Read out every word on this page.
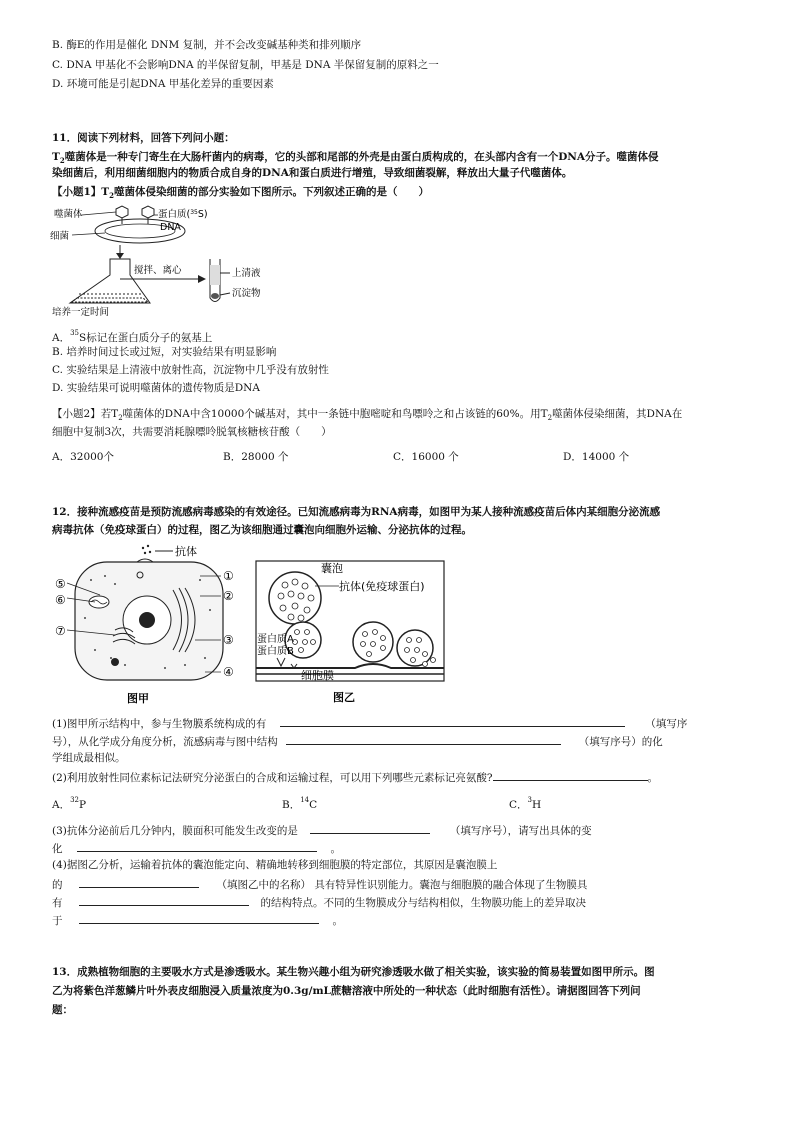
B. 酶E的作用是催化 DNM 复制，并不会改变碱基种类和排列顺序
C. DNA 甲基化不会影响DNA 的半保留复制，甲基是 DNA 半保留复制的原料之一
D. 环境可能是引起DNA 甲基化差异的重要因素
11．阅读下列材料，回答下列问小题：
$T_2$噬菌体是一种专门寄生在大肠杆菌内的病毒，它的头部和尾部的外壳是由蛋白质构成的，在头部内含有一个DNA分子。噬菌体侵
染细菌后，利用细菌细胞内的物质合成自身的DNA和蛋白质进行增殖，导致细菌裂解，释放出大量子代噬菌体。
【小题1】$T_2$噬菌体侵染细菌的部分实验如下图所示。下列叙述正确的是（　　）
噬菌体	蛋白质($^{35}$S)
DNA
细菌
搅拌、离心	上清液
沉淀物
培养一定时间
A．$^{35}$S标记在蛋白质分子的氨基上
B. 培养时间过长或过短，对实验结果有明显影响
C. 实验结果是上清液中放射性高，沉淀物中几乎没有放射性
D. 实验结果可说明噬菌体的遗传物质是DNA
【小题2】若$T_2$噬菌体的DNA中含10000个碱基对，其中一条链中胞嘧啶和鸟嘌呤之和占该链的60%。用$T_2$噬菌体侵染细菌，其DNA在
细胞中复制3次，共需要消耗腺嘌呤脱氧核糖核苷酸（　　）
A．32000个	B．28000 个	C．16000 个	D．14000 个
12．接种流感疫苗是预防流感病毒感染的有效途径。已知流感病毒为RNA病毒，如图甲为某人接种流感疫苗后体内某细胞分泌流感
病毒抗体（免疫球蛋白）的过程，图乙为该细胞通过囊泡向细胞外运输、分泌抗体的过程。
抗体
⑤
⑥
⑦
①
②
③
④
图甲
囊泡
抗体(免疫球蛋白)
蛋白质A
蛋白质B
细胞膜
图乙
(1)图甲所示结构中，参与生物膜系统构成的有	（填写序
号），从化学成分角度分析，流感病毒与图中结构	（填写序号）的化
学组成最相似。
(2)利用放射性同位素标记法研究分泌蛋白的合成和运输过程，可以用下列哪些元素标记亮氨酸?	。
A．$^{32}$P	B．$^{14}$C	C．$^3$H
(3)抗体分泌前后几分钟内，膜面积可能发生改变的是	（填写序号），请写出具体的变
化	。
(4)据图乙分析，运输着抗体的囊泡能定向、精确地转移到细胞膜的特定部位，其原因是囊泡膜上
的	（填图乙中的名称） 具有特异性识别能力。囊泡与细胞膜的融合体现了生物膜具
有	的结构特点。不同的生物膜成分与结构相似，生物膜功能上的差异取决
于	。
13．成熟植物细胞的主要吸水方式是渗透吸水。某生物兴趣小组为研究渗透吸水做了相关实验，该实验的简易装置如图甲所示。图
乙为将紫色洋葱鳞片叶外表皮细胞浸入质量浓度为0.3g/mL蔗糖溶液中所处的一种状态（此时细胞有活性）。请据图回答下列问
题：
